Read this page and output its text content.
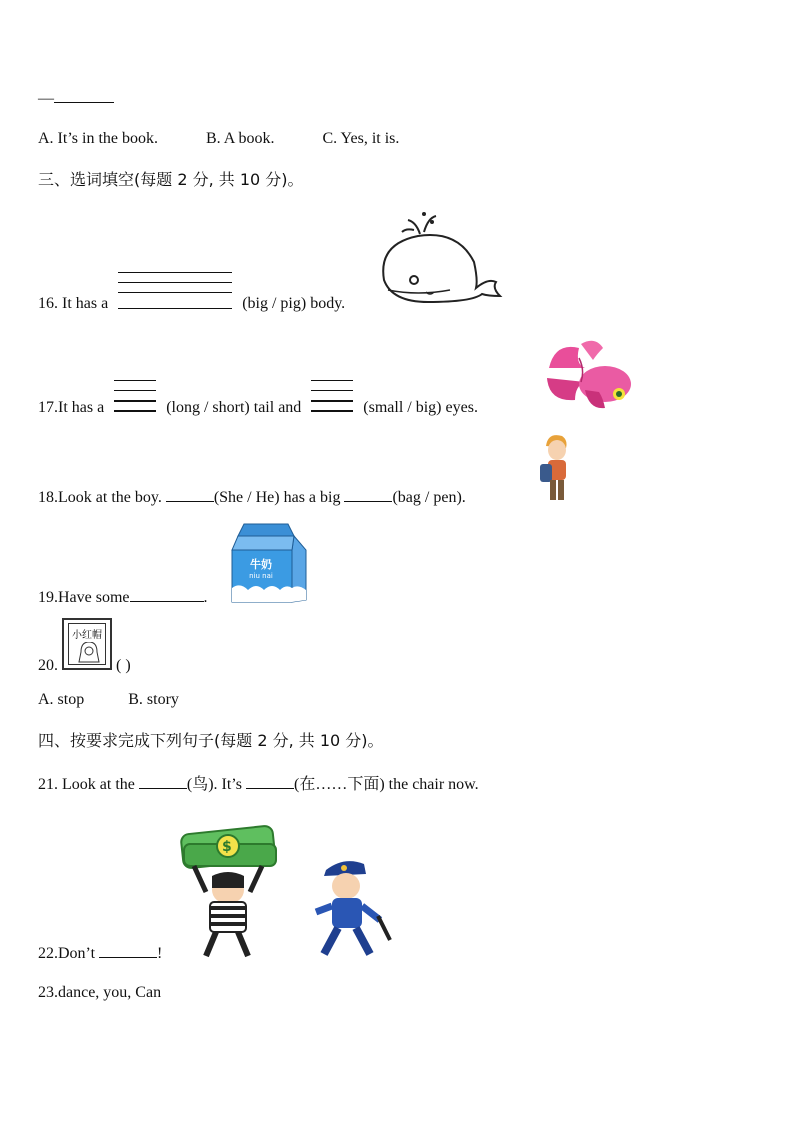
—
A. It’s in the book.	B. A book.	C. Yes, it is.
三、选词填空(每题 2 分, 共 10 分)。
16. It has a	(big / pig) body.
17.It has a	(long / short) tail and	(small / big) eyes.
18.Look at the boy.	(She / He) has a big	(bag / pen).
19.Have some	.
牛奶
niu nai
小红帽
20.	( )
A. stop	B. story
四、按要求完成下列句子(每题 2 分, 共 10 分)。
21. Look at the	(鸟). It’s	(在……下面) the chair now.
$
22.Don’t	!
23.dance, you, Can
